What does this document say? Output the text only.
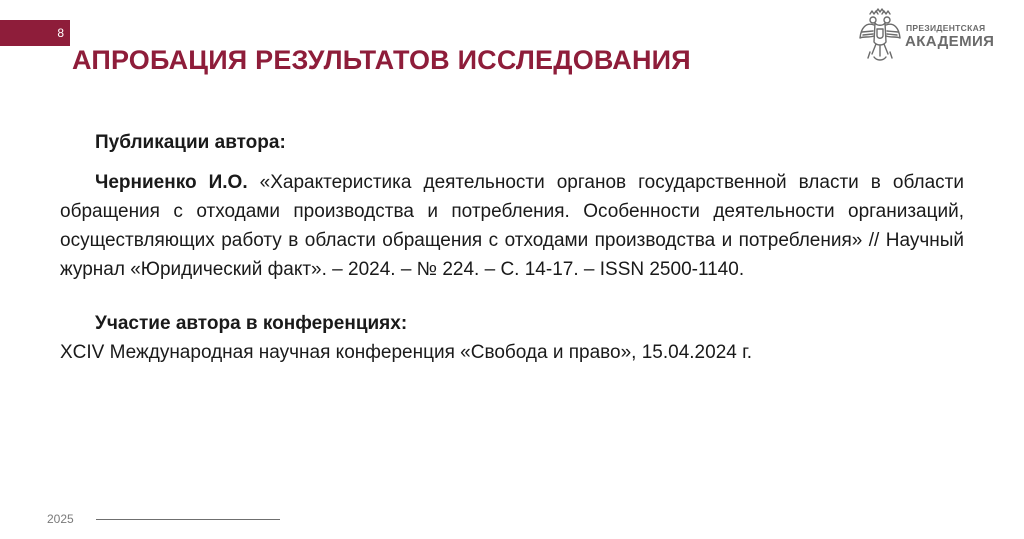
8
АПРОБАЦИЯ РЕЗУЛЬТАТОВ ИССЛЕДОВАНИЯ
ПРЕЗИДЕНТСКАЯ
АКАДЕМИЯ

Публикации автора:

Черниенко И.О. «Характеристика деятельности органов государственной власти в области обращения с отходами производства и потребления. Особенности деятельности организаций, осуществляющих работу в области обращения с отходами производства и потребления» // Научный журнал «Юридический факт». – 2024. – № 224. – С. 14-17. – ISSN 2500-1140.

Участие автора в конференциях:

XCIV Международная научная конференция «Свобода и право», 15.04.2024 г.

2025
